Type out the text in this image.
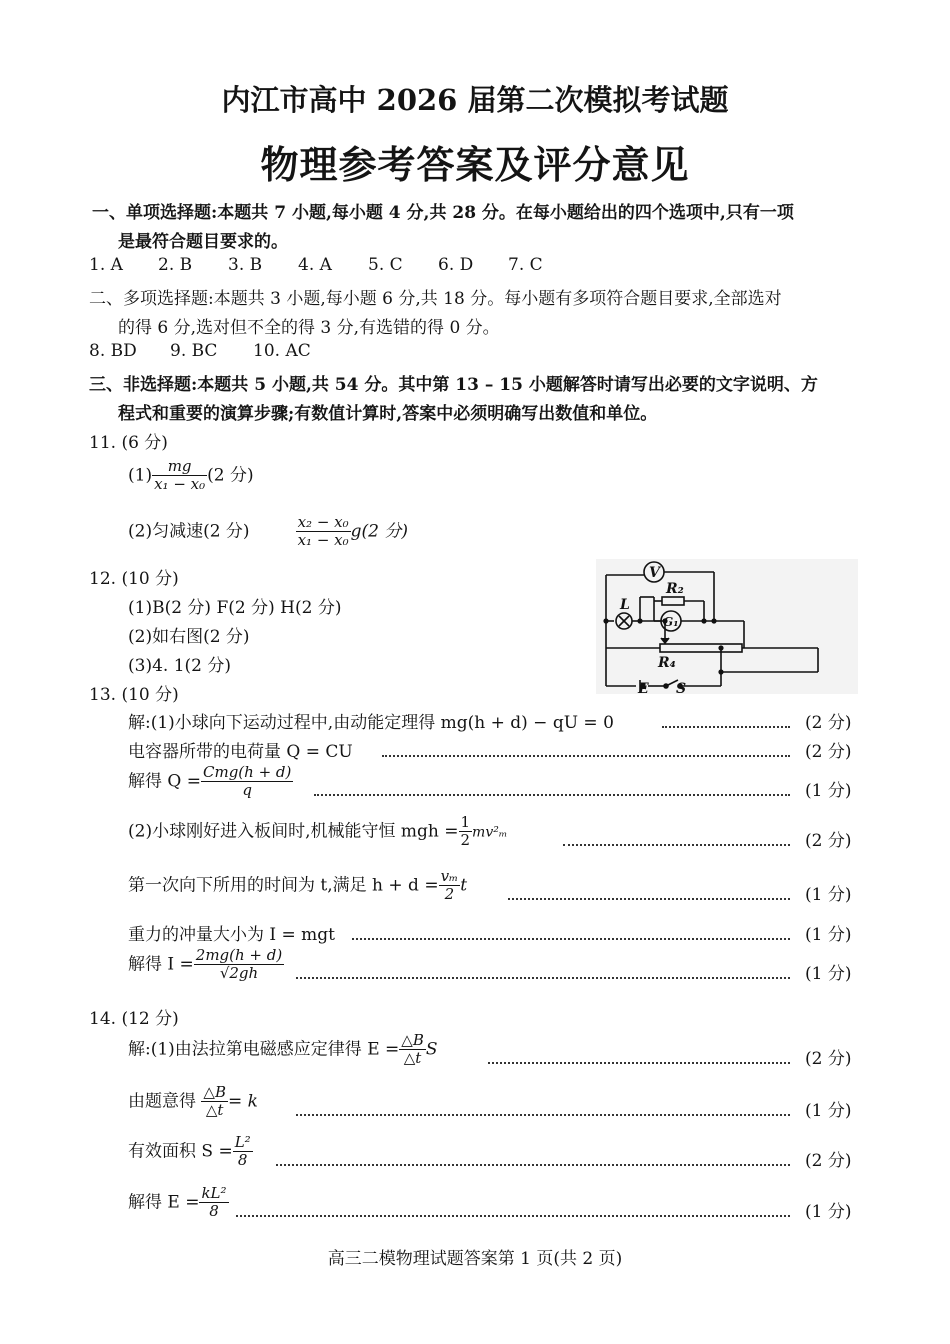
内江市高中 2026 届第二次模拟考试题
物理参考答案及评分意见
一、单项选择题:本题共 7 小题,每小题 4 分,共 28 分。在每小题给出的四个选项中,只有一项
是最符合题目要求的。
1. A 2. B 3. B 4. A 5. C 6. D 7. C
二、多项选择题:本题共 3 小题,每小题 6 分,共 18 分。每小题有多项符合题目要求,全部选对
的得 6 分,选对但不全的得 3 分,有选错的得 0 分。
8. BD 9. BC 10. AC
三、非选择题:本题共 5 小题,共 54 分。其中第 13 – 15 小题解答时请写出必要的文字说明、方
程式和重要的演算步骤;有数值计算时,答案中必须明确写出数值和单位。
11. (6 分)
$(1) \frac{mg}{\text{x₁ − x₀}} (2$ 分)
(2)匀减速(2 分)	$\frac{\text{x₂ − x₀}}{\text{x₁ − x₀}} g(2$ 分)
12. (10 分)
(1)B(2 分) F(2 分) H(2 分)
(2)如右图(2 分)
(3)4. 1(2 分)
V
R₂
L
G₁
R₄
E S
13. (10 分)
解:(1)小球向下运动过程中,由动能定理得 mg(h + d) − qU = 0	(2 分)
电容器所带的电荷量 Q = CU	(2 分)
解得 $Q = \frac{\text{Cmg(h + d)}}{q}$	(1 分)
(2)小球刚好进入板间时,机械能守恒 mgh = $\frac{1}{2} mv^2_m$	(2 分)
第一次向下所用的时间为 t,满足 $h + d = \frac{\text{vₘ}}{2}$ t	(1 分)
重力的冲量大小为 I = mgt	(1 分)
解得 $I = \frac{2mg(h + d)}{√2gh}$	(1 分)
14. (12 分)
解:(1)由法拉第电磁感应定律得 $E = \frac{\triangle B}{\triangle t}$ S	(2 分)
由题意得 $\frac{\triangle B}{\triangle t} = k$	(1 分)
有效面积 $S = \frac{\text{L²}}{8}$	(2 分)
解得 $E = \frac{\text{kL²}}{8}$	(1 分)
高三二模物理试题答案第 1 页(共 2 页)
